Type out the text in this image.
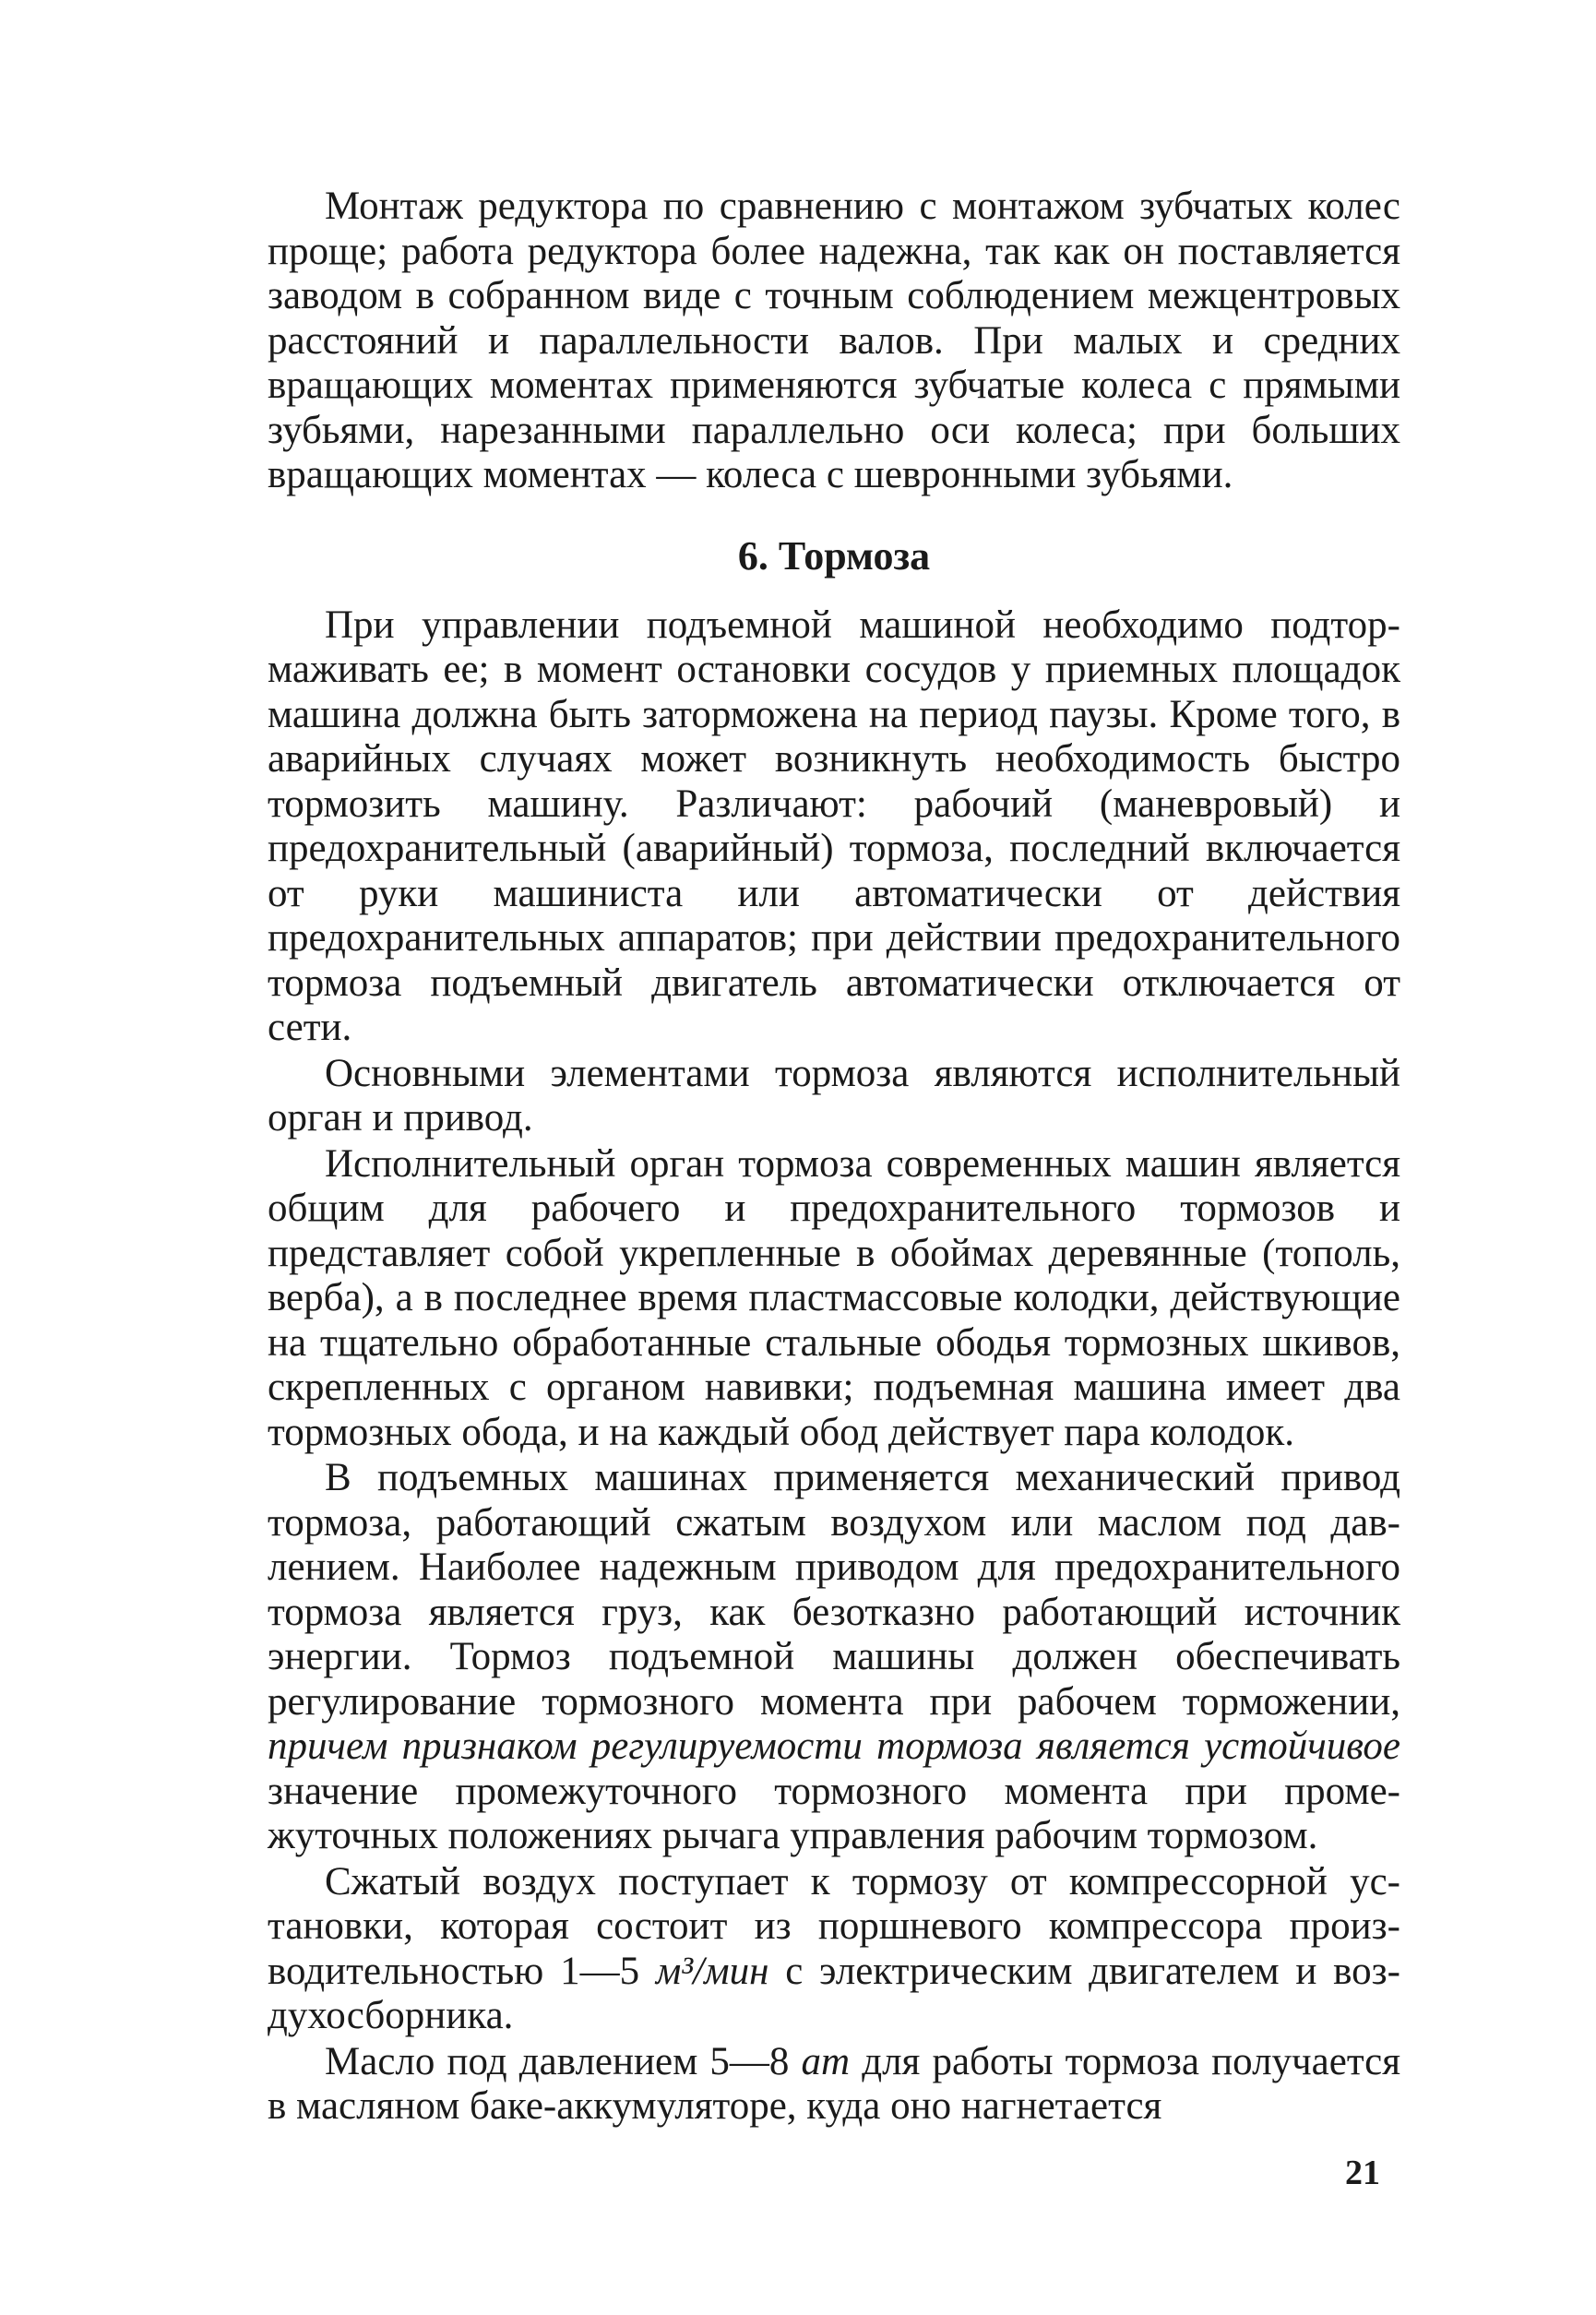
Монтаж редуктора по сравнению с монтажом зубчатых колес проще; работа редуктора более надежна, так как он поставляется заводом в собранном виде с точным соблюдением межцентровых расстояний и параллельности валов. При малых и средних вращающих моментах применяются зубчатые колеса с прямыми зубьями, нарезанными параллельно оси колеса; при больших вращающих моментах — колеса с шевронными зубьями.

6. Тормоза

При управлении подъемной машиной необходимо подтормаживать ее; в момент остановки сосудов у приемных площадок машина должна быть заторможена на период паузы. Кроме того, в аварийных случаях может возникнуть необходимость быстро тормозить машину. Различают: рабочий (маневровый) и предохранительный (аварийный) тормоза, последний включается от руки машиниста или автоматически от действия предохранительных аппаратов; при действии предохранительного тормоза подъемный двигатель автоматически отключается от сети.

Основными элементами тормоза являются исполнительный орган и привод.

Исполнительный орган тормоза современных машин является общим для рабочего и предохранительного тормозов и представляет собой укрепленные в обоймах деревянные (тополь, верба), а в последнее время пластмассовые колодки, действующие на тщательно обработанные стальные ободья тормозных шкивов, скрепленных с органом навивки; подъемная машина имеет два тормозных обода, и на каждый обод действует пара колодок.

В подъемных машинах применяется механический привод тормоза, работающий сжатым воздухом или маслом под давлением. Наиболее надежным приводом для предохранительного тормоза является груз, как безотказно работающий источник энергии. Тормоз подъемной машины должен обеспечивать регулирование тормозного момента при рабочем торможении, причем признаком регулируемости тормоза является устойчивое значение промежуточного тормозного момента при промежуточных положениях рычага управления рабочим тормозом.

Сжатый воздух поступает к тормозу от компрессорной установки, которая состоит из поршневого компрессора производительностью 1—5 м³/мин с электрическим двигателем и воздухосборника.

Масло под давлением 5—8 ат для работы тормоза получается в масляном баке-аккумуляторе, куда оно нагнетается

21
